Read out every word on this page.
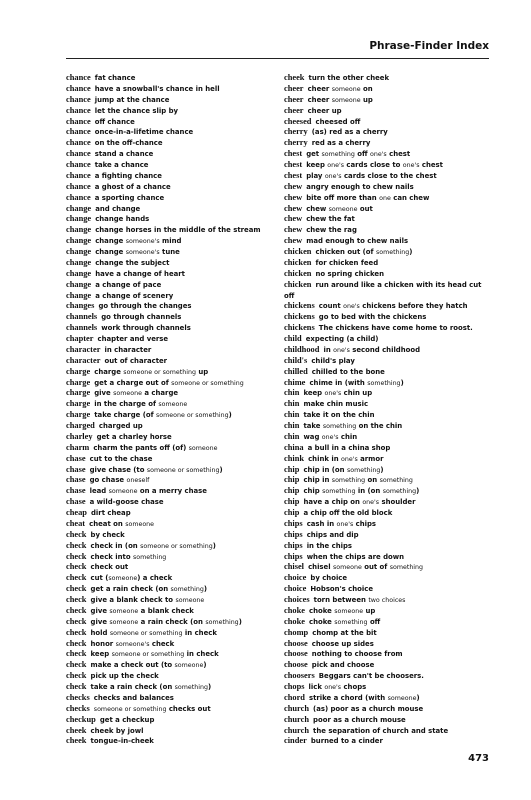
Phrase-Finder Index
chance fat chance
chance have a snowball's chance in hell
chance jump at the chance
chance let the chance slip by
chance off chance
chance once-in-a-lifetime chance
chance on the off-chance
chance stand a chance
chance take a chance
chance a fighting chance
chance a ghost of a chance
chance a sporting chance
change and change
change change hands
change change horses in the middle of the stream
change change someone's mind
change change someone's tune
change change the subject
change have a change of heart
change a change of pace
change a change of scenery
changes go through the changes
channels go through channels
channels work through channels
chapter chapter and verse
character in character
character out of character
charge charge someone or something up
charge get a charge out of someone or something
charge give someone a charge
charge in the charge of someone
charge take charge (of someone or something)
charged charged up
charley get a charley horse
charm charm the pants off (of) someone
chase cut to the chase
chase give chase (to someone or something)
chase go chase oneself
chase lead someone on a merry chase
chase a wild-goose chase
cheap dirt cheap
cheat cheat on someone
check by check
check check in (on someone or something)
check check into something
check check out
check cut (someone) a check
check get a rain check (on something)
check give a blank check to someone
check give someone a blank check
check give someone a rain check (on something)
check hold someone or something in check
check honor someone's check
check keep someone or something in check
check make a check out (to someone)
check pick up the check
check take a rain check (on something)
checks checks and balances
checks someone or something checks out
checkup get a checkup
cheek cheek by jowl
cheek tongue-in-cheek
cheek turn the other cheek
cheer cheer someone on
cheer cheer someone up
cheer cheer up
cheesed cheesed off
cherry (as) red as a cherry
cherry red as a cherry
chest get something off one's chest
chest keep one's cards close to one's chest
chest play one's cards close to the chest
chew angry enough to chew nails
chew bite off more than one can chew
chew chew someone out
chew chew the fat
chew chew the rag
chew mad enough to chew nails
chicken chicken out (of something)
chicken for chicken feed
chicken no spring chicken
chicken run around like a chicken with its head cut
off
chickens count one's chickens before they hatch
chickens go to bed with the chickens
chickens The chickens have come home to roost.
child expecting (a child)
childhood in one's second childhood
child's child's play
chilled chilled to the bone
chime chime in (with something)
chin keep one's chin up
chin make chin music
chin take it on the chin
chin take something on the chin
chin wag one's chin
china a bull in a china shop
chink chink in one's armor
chip chip in (on something)
chip chip in something on something
chip chip something in (on something)
chip have a chip on one's shoulder
chip a chip off the old block
chips cash in one's chips
chips chips and dip
chips in the chips
chips when the chips are down
chisel chisel someone out of something
choice by choice
choice Hobson's choice
choices torn between two choices
choke choke someone up
choke choke something off
chomp chomp at the bit
choose choose up sides
choose nothing to choose from
choose pick and choose
choosers Beggars can't be choosers.
chops lick one's chops
chord strike a chord (with someone)
church (as) poor as a church mouse
church poor as a church mouse
church the separation of church and state
cinder burned to a cinder
473
